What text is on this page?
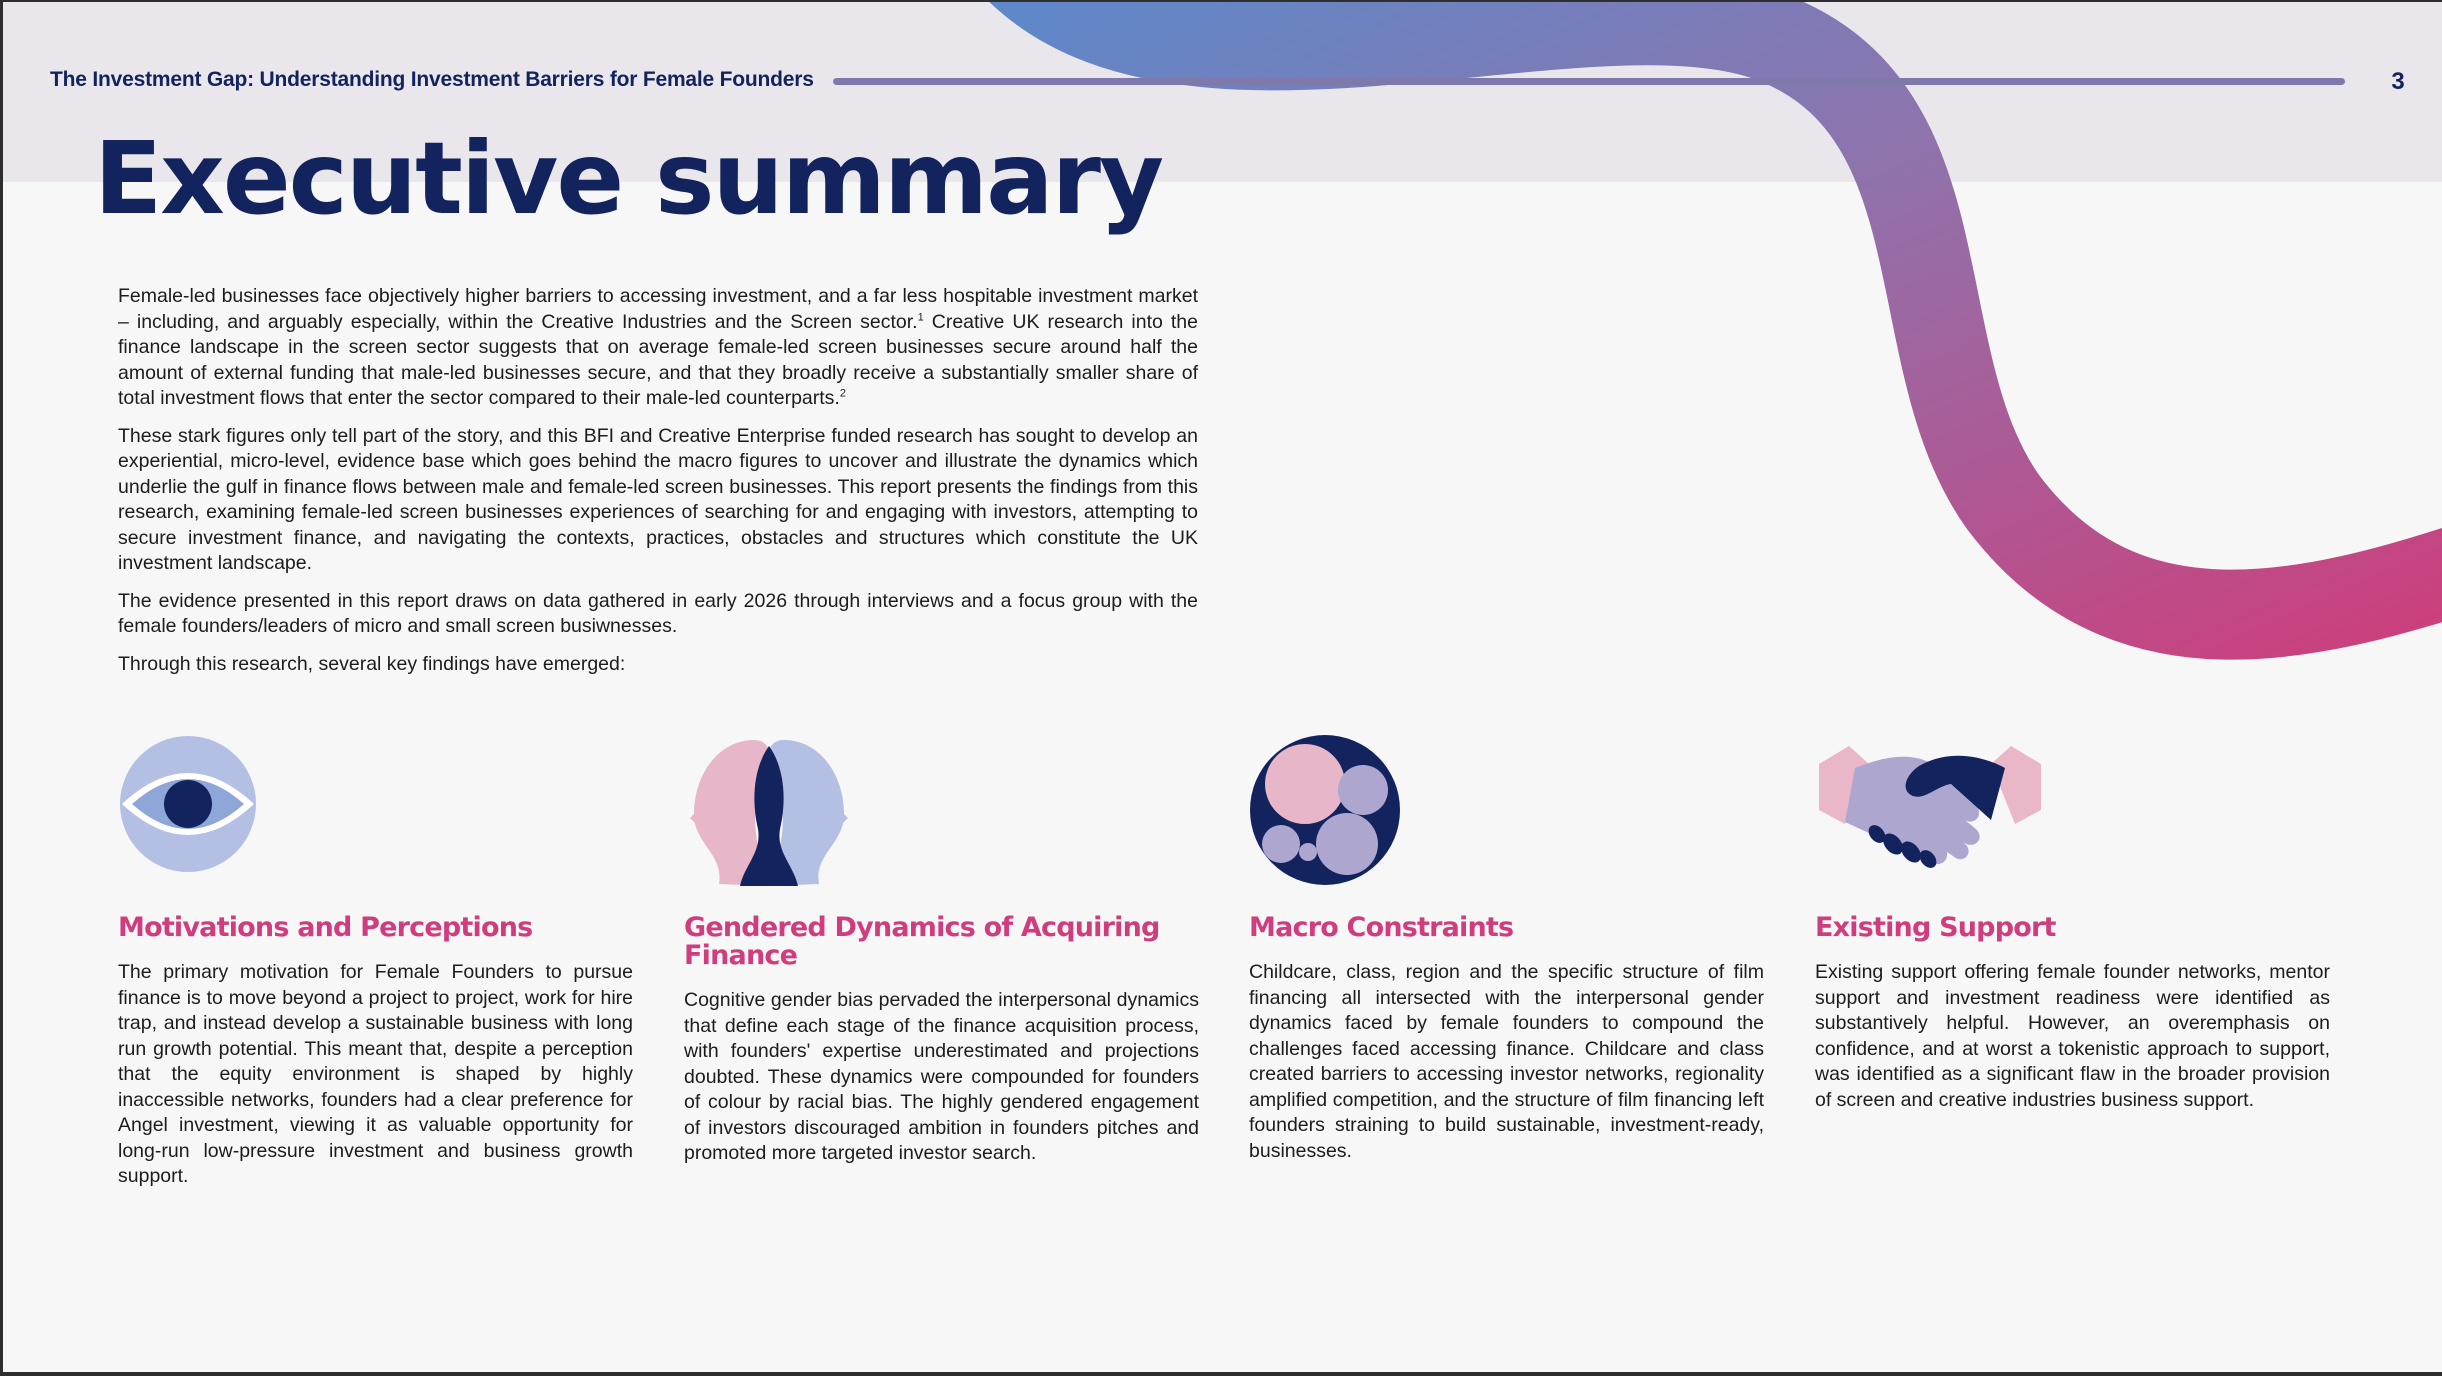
The Investment Gap: Understanding Investment Barriers for Female Founders	3
Executive summary

Female-led businesses face objectively higher barriers to accessing investment, and a far less hospitable investment market – including, and arguably especially, within the Creative Industries and the Screen sector.$^1$ Creative UK research into the finance landscape in the screen sector suggests that on average female-led screen businesses secure around half the amount of external funding that male-led businesses secure, and that they broadly receive a substantially smaller share of total investment flows that enter the sector compared to their male-led counterparts.$^2$

These stark figures only tell part of the story, and this BFI and Creative Enterprise funded research has sought to develop an experiential, micro-level, evidence base which goes behind the macro figures to uncover and illustrate the dynamics which underlie the gulf in finance flows between male and female-led screen businesses. This report presents the findings from this research, examining female-led screen businesses experiences of searching for and engaging with investors, attempting to secure investment finance, and navigating the contexts, practices, obstacles and structures which constitute the UK investment landscape.

The evidence presented in this report draws on data gathered in early 2026 through interviews and a focus group with the female founders/leaders of micro and small screen busiwnesses.

Through this research, several key findings have emerged:

Motivations and Perceptions

The primary motivation for Female Founders to pursue finance is to move beyond a project to project, work for hire trap, and instead develop a sustainable business with long run growth potential. This meant that, despite a perception that the equity environment is shaped by highly inaccessible networks, founders had a clear preference for Angel investment, viewing it as valuable opportunity for long-run low-pressure investment and business growth support.

Gendered Dynamics of Acquiring Finance

Cognitive gender bias pervaded the interpersonal dynamics that define each stage of the finance acquisition process, with founders' expertise underestimated and projections doubted. These dynamics were compounded for founders of colour by racial bias. The highly gendered engagement of investors discouraged ambition in founders pitches and promoted more targeted investor search.

Macro Constraints

Childcare, class, region and the specific structure of film financing all intersected with the interpersonal gender dynamics faced by female founders to compound the challenges faced accessing finance. Childcare and class created barriers to accessing investor networks, regionality amplified competition, and the structure of film financing left founders straining to build sustainable, investment-ready, businesses.

Existing Support

Existing support offering female founder networks, mentor support and investment readiness were identified as substantively helpful. However, an overemphasis on confidence, and at worst a tokenistic approach to support, was identified as a significant flaw in the broader provision of screen and creative industries business support.
